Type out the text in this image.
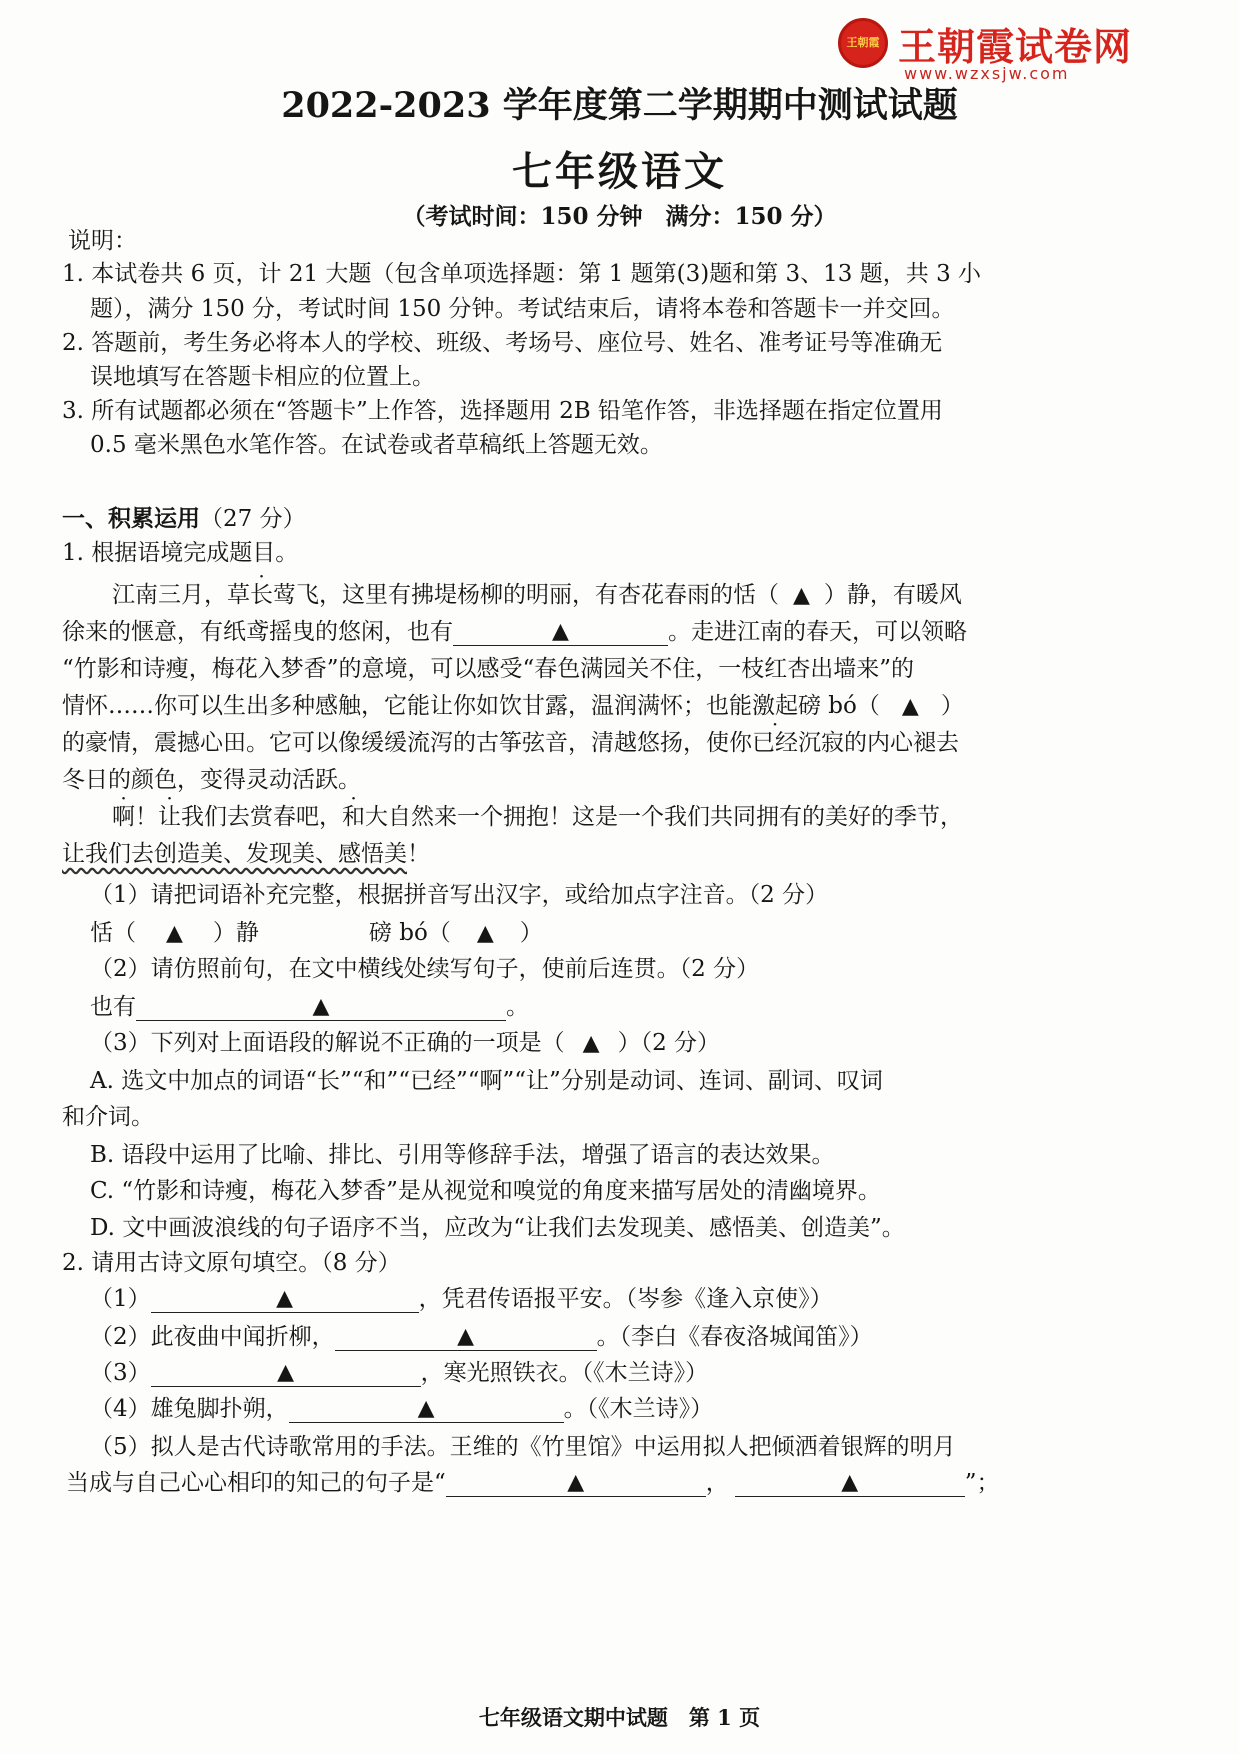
王朝霞 王朝霞试卷网
www.wzxsjw.com
2022-2023 学年度第二学期期中测试试题
七年级语文
（考试时间：150 分钟　满分：150 分）
说明：
1. 本试卷共 6 页，计 21 大题（包含单项选择题：第 1 题第(3)题和第 3、13 题，共 3 小
题），满分 150 分，考试时间 150 分钟。考试结束后，请将本卷和答题卡一并交回。
2. 答题前，考生务必将本人的学校、班级、考场号、座位号、姓名、准考证号等准确无
误地填写在答题卡相应的位置上。
3. 所有试题都必须在“答题卡”上作答，选择题用 2B 铅笔作答，非选择题在指定位置用
0.5 毫米黑色水笔作答。在试卷或者草稿纸上答题无效。
一、积累运用（27 分）
1. 根据语境完成题目。
江南三月，草长莺飞，这里有拂堤杨柳的明丽，有杏花春雨的恬（ ▲ ）静，有暖风
徐来的惬意，有纸鸢摇曳的悠闲，也有	▲	。走进江南的春天，可以领略
“竹影和诗瘦，梅花入梦香”的意境，可以感受“春色满园关不住，一枝红杏出墙来”的
情怀……你可以生出多种感触，它能让你如饮甘露，温润满怀；也能激起磅 bó（ ▲ ）
的豪情，震撼心田。它可以像缓缓流泻的古筝弦音，清越悠扬，使你已经沉寂的内心褪去
冬日的颜色，变得灵动活跃。
啊！让我们去赏春吧，和大自然来一个拥抱！这是一个我们共同拥有的美好的季节，
让我们去创造美、发现美、感悟美！
（1）请把词语补充完整，根据拼音写出汉字，或给加点字注音。（2 分）
恬（ ▲ ）静	磅 bó（ ▲ ）
（2）请仿照前句，在文中横线处续写句子，使前后连贯。（2 分）
也有	▲	。
（3）下列对上面语段的解说不正确的一项是（ ▲ ）（2 分）
A. 选文中加点的词语“长”“和”“已经”“啊”“让”分别是动词、连词、副词、叹词
和介词。
B. 语段中运用了比喻、排比、引用等修辞手法，增强了语言的表达效果。
C. “竹影和诗瘦，梅花入梦香”是从视觉和嗅觉的角度来描写居处的清幽境界。
D. 文中画波浪线的句子语序不当，应改为“让我们去发现美、感悟美、创造美”。
2. 请用古诗文原句填空。（8 分）
（1）	▲	，凭君传语报平安。（岑参《逢入京使》）
（2）此夜曲中闻折柳，	▲	。（李白《春夜洛城闻笛》）
（3）	▲	，寒光照铁衣。（《木兰诗》）
（4）雄兔脚扑朔，	▲	。（《木兰诗》）
（5）拟人是古代诗歌常用的手法。王维的《竹里馆》中运用拟人把倾洒着银辉的明月
当成与自己心心相印的知己的句子是“	▲	，	▲	”；
七年级语文期中试题　第 1 页
